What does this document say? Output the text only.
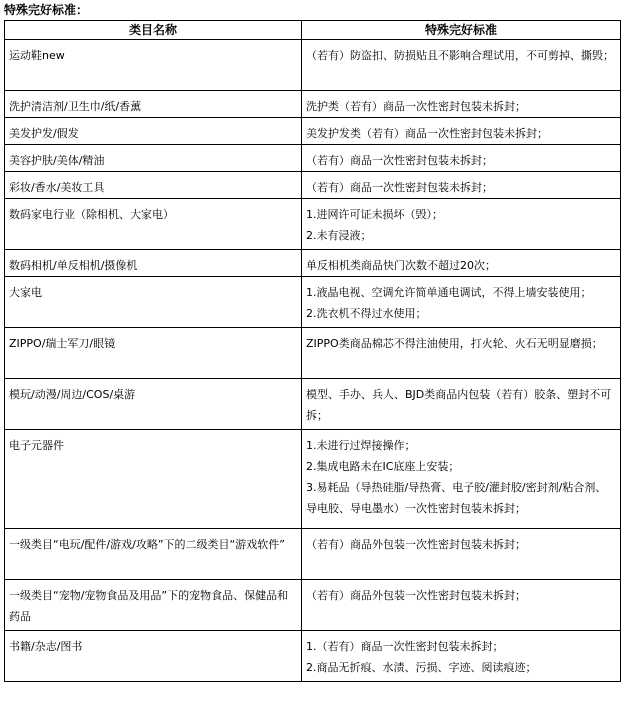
特殊完好标准：
类目名称	特殊完好标准
运动鞋new	（若有）防盗扣、防损贴且不影响合理试用，不可剪掉、撕毁；

洗护清洁剂/卫生巾/纸/香薰	洗护类（若有）商品一次性密封包装未拆封；

美发护发/假发	美发护发类（若有）商品一次性密封包装未拆封；

美容护肤/美体/精油	（若有）商品一次性密封包装未拆封；

彩妆/香水/美妆工具	（若有）商品一次性密封包装未拆封；

数码家电行业（除相机、大家电）	1.进网许可证未损坏（毁）；
2.未有浸液；

数码相机/单反相机/摄像机	单反相机类商品快门次数不超过20次；

大家电	1.液晶电视、空调允许简单通电调试，不得上墙安装使用；
2.洗衣机不得过水使用；

ZIPPO/瑞士军刀/眼镜	ZIPPO类商品棉芯不得注油使用，打火轮、火石无明显磨损；

模玩/动漫/周边/COS/桌游	模型、手办、兵人、BJD类商品内包装（若有）胶条、塑封不可拆；

电子元器件	1.未进行过焊接操作；
2.集成电路未在IC底座上安装；
3.易耗品（导热硅脂/导热膏、电子胶/灌封胶/密封剂/粘合剂、导电胶、导电墨水）一次性密封包装未拆封；

一级类目“电玩/配件/游戏/攻略”下的二级类目“游戏软件”	（若有）商品外包装一次性密封包装未拆封；

一级类目“宠物/宠物食品及用品”下的宠物食品、保健品和药品	（若有）商品外包装一次性密封包装未拆封；

书籍/杂志/图书	1.（若有）商品一次性密封包装未拆封；
2.商品无折痕、水渍、污损、字迹、阅读痕迹；
